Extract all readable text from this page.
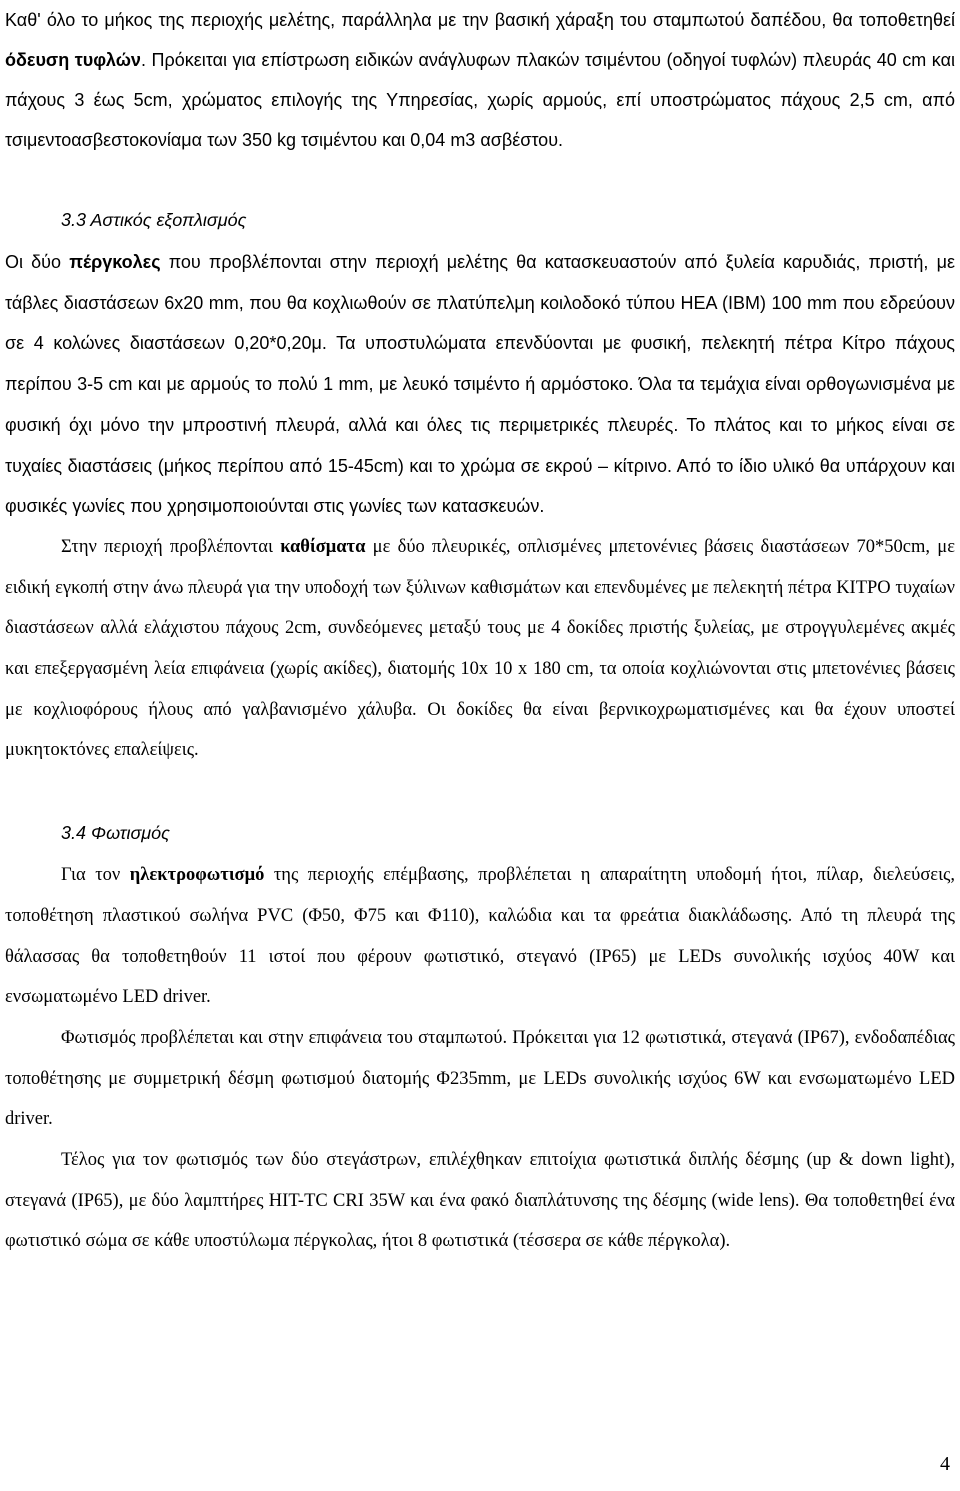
Καθ' όλο το μήκος της περιοχής μελέτης, παράλληλα με την βασική χάραξη του σταμπωτού δαπέδου, θα τοποθετηθεί όδευση τυφλών. Πρόκειται για επίστρωση ειδικών ανάγλυφων πλακών τσιμέντου (οδηγοί τυφλών) πλευράς 40 cm και πάχους 3 έως 5cm, χρώματος επιλογής της Υπηρεσίας, χωρίς αρμούς, επί υποστρώματος πάχους 2,5 cm, από τσιμεντοασβεστοκονίαμα των 350 kg τσιμέντου και 0,04 m3 ασβέστου.

3.3 Αστικός εξοπλισμός

Οι δύο πέργκολες που προβλέπονται στην περιοχή μελέτης θα κατασκευαστούν από ξυλεία καρυδιάς, πριστή, με τάβλες διαστάσεων 6x20 mm, που θα κοχλιωθούν σε πλατύπελμη κοιλοδοκό τύπου HEA (IBM) 100 mm που εδρεύουν σε 4 κολώνες διαστάσεων 0,20*0,20μ. Τα υποστυλώματα επενδύονται με φυσική, πελεκητή πέτρα Κίτρο πάχους περίπου 3-5 cm και με αρμούς το πολύ 1 mm, με λευκό τσιμέντο ή αρμόστοκο. Όλα τα τεμάχια είναι ορθογωνισμένα με φυσική όχι μόνο την μπροστινή πλευρά, αλλά και όλες τις περιμετρικές πλευρές. Το πλάτος και το μήκος είναι σε τυχαίες διαστάσεις (μήκος περίπου από 15-45cm) και το χρώμα σε εκρού – κίτρινο. Από το ίδιο υλικό θα υπάρχουν και φυσικές γωνίες που χρησιμοποιούνται στις γωνίες των κατασκευών.

Στην περιοχή προβλέπονται καθίσματα με δύο πλευρικές, οπλισμένες μπετονένιες βάσεις διαστάσεων 70*50cm, με ειδική εγκοπή στην άνω πλευρά για την υποδοχή των ξύλινων καθισμάτων και επενδυμένες με πελεκητή πέτρα ΚΙΤΡΟ τυχαίων διαστάσεων αλλά ελάχιστου πάχους 2cm, συνδεόμενες μεταξύ τους με 4 δοκίδες πριστής ξυλείας, με στρογγυλεμένες ακμές και επεξεργασμένη λεία επιφάνεια (χωρίς ακίδες), διατομής 10x 10 x 180 cm, τα οποία κοχλιώνονται στις μπετονένιες βάσεις με κοχλιοφόρους ήλους από γαλβανισμένο χάλυβα. Οι δοκίδες θα είναι βερνικοχρωματισμένες και θα έχουν υποστεί μυκητοκτόνες επαλείψεις.

3.4 Φωτισμός

Για τον ηλεκτροφωτισμό της περιοχής επέμβασης, προβλέπεται η απαραίτητη υποδομή ήτοι, πίλαρ, διελεύσεις, τοποθέτηση πλαστικού σωλήνα PVC (Φ50, Φ75 και Φ110), καλώδια και τα φρεάτια διακλάδωσης. Από τη πλευρά της θάλασσας θα τοποθετηθούν 11 ιστοί που φέρουν φωτιστικό, στεγανό (IP65) με LEDs συνολικής ισχύος 40W και ενσωματωμένο LED driver.

Φωτισμός προβλέπεται και στην επιφάνεια του σταμπωτού. Πρόκειται για 12 φωτιστικά, στεγανά (IP67), ενδοδαπέδιας τοποθέτησης με συμμετρική δέσμη φωτισμού διατομής Φ235mm, με LEDs συνολικής ισχύος 6W και ενσωματωμένο LED driver.

Τέλος για τον φωτισμός των δύο στεγάστρων, επιλέχθηκαν επιτοίχια φωτιστικά διπλής δέσμης (up & down light), στεγανά (IP65), με δύο λαμπτήρες HIT-TC CRI 35W και ένα φακό διαπλάτυνσης της δέσμης (wide lens). Θα τοποθετηθεί ένα φωτιστικό σώμα σε κάθε υποστύλωμα πέργκολας, ήτοι 8 φωτιστικά (τέσσερα σε κάθε πέργκολα).

4
